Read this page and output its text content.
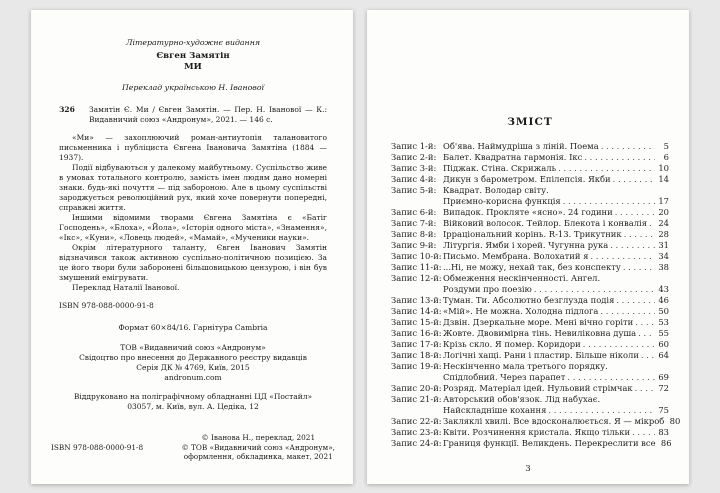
Літературно-художнє видання
Євген Замятін
МИ
Переклад українською Н. Іванової
З26	Замятін Є. Ми / Євген Замятін. — Пер. Н. Іванової — К.: Видавничий союз «Андронум», 2021. — 146 с.

«Ми» — захоплюючий роман-антиутопія талановитого письменника і публіциста Євгена Івановича Замятіна (1884 —1937).

Події відбуваються у далекому майбутньому. Суспільство живе в умовах тотального контролю, замість імен людям дано номерні знаки. будь-які почуття — під забороною. Але в цьому суспільстві зароджується революційний рух, який хоче повернути попередні, справжні життя.

Іншими відомими творами Євгена Замятіна є «Батіг Господень», «Блоха», «Йола», «Історія одного міста», «Знамення», «Ікс», «Куни», «Ловець людей», «Мамай», «Мученики науки».

Окрім літературного таланту, Євген Іванович Замятін відзначився також активною суспільно-політичною позицією. За це його твори були заборонені більшовицькою цензурою, і він був змушений емігрувати.

Переклад Наталії Іванової.

ISBN 978-088-0000-91-8
Формат 60×84/16. Гарнітура Cambria
ТОВ «Видавничий союз «Андронум»
Свідоцтво про внесення до Державного реєстру видавців
Серія ДК № 4769, Київ, 2015
andronum.com
Віддруковано на поліграфічному обладнанні ЦД «Постайл»
03057, м. Київ, вул. А. Цедіка, 12
ISBN 978-088-0000-91-8
© Іванова Н., переклад, 2021
© ТОВ «Видавничий союз «Андронум»,
оформлення, обкладинка, макет, 2021
ЗМІСТ
Запис 1-й: Об'ява. Наймудріша з ліній. Поема . . .	5
Запис 2-й: Балет. Квадратна гармонія. Ікс . . .	6
Запис 3-й: Піджак. Стіна. Скрижаль . . .	10
Запис 4-й: Дикун з барометром. Епілепсія. Якби . . .	14
Запис 5-й: Квадрат. Володар світу.
Приємно-корисна функція . . .	17
Запис 6-й: Випадок. Прокляте «ясно». 24 години . . .	20
Запис 7-й: Війковий волосок. Тейлор. Блекота і конвалія . . . 24
Запис 8-й: Ірраціональний корінь. R-13. Трикутник . . .	28
Запис 9-й: Літургія. Ямби і хорей. Чугунна рука . . .	31
Запис 10-й: Письмо. Мембрана. Волохатий я . . .	34
Запис 11-й: ...Ні, не можу, нехай так, без конспекту . . .	38
Запис 12-й: Обмеження нескінченності. Ангел.
Роздуми про поезію . . .	43
Запис 13-й: Туман. Ти. Абсолютно безглузда подія . . .	46
Запис 14-й: «Мій». Не можна. Холодна підлога . . .	50
Запис 15-й: Дзвін. Дзеркальне море. Мені вічно горіти . . .	53
Запис 16-й: Жовте. Двовимірна тінь. Невиліковна душа . . .	55
Запис 17-й: Крізь скло. Я помер. Коридори . . .	60
Запис 18-й: Логічні хащі. Рани і пластир. Більше ніколи . . . 64
Запис 19-й: Нескінченно мала третього порядку.
Спідлобний. Через парапет . . .	69
Запис 20-й: Розряд. Матеріал ідей. Нульовий стрімчак . . .	72
Запис 21-й: Авторський обов'язок. Лід набухає.
Найскладніше кохання . . .	75
Запис 22-й: Закляклі хвилі. Все вдосконалюється. Я — мікроб 80
Запис 23-й: Квіти. Розчинення кристала. Якщо тільки . . .	83
Запис 24-й: Границя функції. Великдень. Перекреслити все 86
3
